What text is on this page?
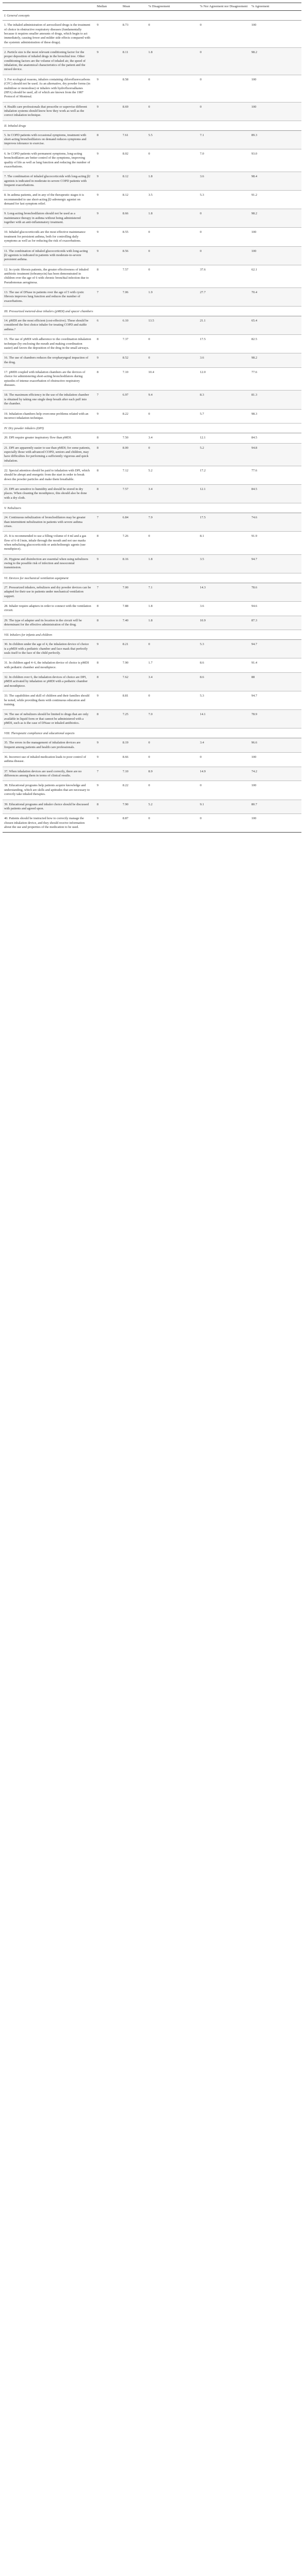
	Median	Mean	% Disagreement	% Nor Agreement nor Disagreement	% Agreement
I. General concepts					
1. The inhaled administration of aerosolized drugs is the treatment of choice in obstructive respiratory diseases (fundamentally because it requires smaller amounts of drugs, which begin to act immediately, causing fewer and milder side effects compared with the systemic administration of these drugs).	9	8.73	0	0	100
2. Particle size is the most relevant conditioning factor for the proper deposition of inhaled drugs in the bronchial tree. Other conditioning factors are the volume of inhaled air, the speed of inhalation, the anatomical characteristics of the patient and the mixed device.	9	8.11	1.8	0	98.2
3. For ecological reasons, inhalers containing chlorofluorocarbons (CFC) should not be used. As an alternative, dry powder forms (in multidose or monodose) or inhalers with hydrofluoroalkanes (HFA) should be used, all of which are known from the 1987 Protocol of Montreal.	9	8.58	0	0	100
4. Health care professionals that prescribe or supervise different inhalation systems should know how they work as well as the correct inhalation technique.	9	8.69	0	0	100
II. Inhaled drugs					
5. In COPD patients with occasional symptoms, treatment with short-acting bronchodilators on demand reduces symptoms and improves tolerance to exercise.	8	7.61	5.5	7.1	89.3
6. In COPD patients with permanent symptoms, long-acting bronchodilators are better control of the symptoms, improving quality of life as well as lung function and reducing the number of exacerbations.	9	8.02	0	7.0	93.0
7. The combination of inhaled glucocorticoids with long-acting β2 agonists is indicated in moderate-to-severe COPD patients with frequent exacerbations.	9	8.12	1.8	3.6	98.4
8. In asthma patients, and in any of the therapeutic stages it is recommended to use short-acting β2-adrenergic agonist on demand for fast symptom relief.	9	8.12	3.5	5.3	91.2
9. Long-acting bronchodilators should not be used as a maintenance therapy in asthma without being administered together with an anti-inflammatory treatment.	9	8.66	1.8	0	98.2
10. Inhaled glucocorticoids are the most effective maintenance treatment for persistent asthma, both for controlling daily symptoms as well as for reducing the risk of exacerbations.	9	8.55	0	0	100
11. The combination of inhaled glucocorticoids with long-acting β2 agonists is indicated in patients with moderate-to-severe persistent asthma.	9	8.56	0	0	100
12. In cystic fibrosis patients, the greater effectiveness of inhaled antibiotic treatment (tobramycin) has been demonstrated in children over the age of 6 with chronic bronchial infection due to Pseudomonas aeruginosa.	8	7.57	0	37.6	62.1
13. The use of DNase in patients over the age of 5 with cystic fibrosis improves lung function and reduces the number of exacerbations.	7	7.06	1.9	27.7	70.4
III. Pressurized metered-dose inhalers (pMDI) and spacer chambers					
14. pMDI are the most efficient (cost-effective). These should be considered the first choice inhaler for treating COPD and stable asthma.?	6	6.10	13.5	21.1	65.4
15. The use of pMDI with adherence to the coordination inhalation technique (by enclosing the mouth and making coordination easier) and favors the deposition of the drug in the small airways.	8	7.37	0	17.5	82.5
16. The use of chambers reduces the oropharyngeal impaction of the drug.	9	8.52	0	3.6	98.2
17. pMDI coupled with inhalation chambers are the devices of choice for administering short-acting bronchodilators during episodes of intense exacerbation of obstructive respiratory diseases.	8	7.10	10.4	12.0	77.6
18. The maximum efficiency in the use of the inhalation chamber is obtained by taking one single deep breath after each puff into the chamber.	7	6.97	9.4	8.3	81.3
19. Inhalation chambers help overcome problems related with an incorrect inhalation technique.	9	8.22	0	5.7	98.3
IV. Dry powder inhalers (DPI)					
20. DPI require greater inspiratory flow than pMDI.	8	7.50	3.4	12.1	84.5
21. DPI are apparently easier to use than pMDI; for some patients, especially those with advanced COPD, seniors and children, may have difficulties for performing a sufficiently vigorous and quick inhalation.	8	8.00	0	5.2	94.8
22. Special attention should be paid to inhalation with DPI, which should be abrupt and energetic from the start in order to break down the powder particles and make them breathable.	8	7.12	5.2	17.2	77.6
23. DPI are sensitive to humidity and should be stored in dry places. When cleaning the mouthpiece, this should also be done with a dry cloth.	8	7.57	3.4	12.1	84.5
V. Nebulizers					
24. Continuous nebulization of bronchodilators may be greater than intermittent nebulization in patients with severe asthma crises.	7	6.84	7.9	17.5	74.6
25. It is recommended to use a filling volume of 4 ml and a gas flow of 6–8 l/min, inhale through the mouth and not use masks when nebulizing glucocorticoids or anticholinergic agents (use mouthpiece).	8	7.26	0	8.1	91.9
26. Hygiene and disinfection are essential when using nebulizers owing to the possible risk of infection and nosocomial transmission.	9	8.16	1.8	3.5	94.7
VI. Devices for mechanical ventilation equipment					
27. Pressurized inhalers, nebulizers and dry powder devices can be adapted for their use in patients under mechanical ventilation support.	7	7.00	7.1	14.3	78.6
28. Inhaler require adapters in order to connect with the ventilation circuit.	8	7.88	1.8	3.6	94.6
29. The type of adapter and its location in the circuit will be determinant for the effective administration of the drug.	8	7.40	1.8	10.9	87.3
VII. Inhalers for infants and children					
30. In children under the age of 4, the inhalation device of choice is a pMDI with a pediatric chamber and face mask that perfectly seals itself to the face of the child perfectly.	9	8.21	0	5.3	94.7
31. In children aged 4–6, the inhalation device of choice is pMDI with pediatric chamber and mouthpiece.	8	7.90	1.7	8.6	91.4
32. In children over 6, the inhalation devices of choice are DPI, pMDI activated by inhalation or pMDI with a pediatric chamber and mouthpiece.	8	7.62	3.4	8.6	88
33. The capabilities and skill of children and their families should be noted, while providing them with continuous education and training.	9	8.81	0	5.3	94.7
34. The use of nebulizers should be limited to drugs that are only available in liquid form or that cannot be administered with a pMDI, such as is the case of DNase or inhaled antibiotics.	8	7.25	7.0	14.1	78.9
VIII. Therapeutic compliance and educational aspects					
35. The errors in the management of inhalation devices are frequent among patients and health care professionals.	9	8.19	0	3.4	96.6
36. Incorrect use of inhaled medication leads to poor control of asthma disease.	9	8.66	0	0	100
37. When inhalation devices are used correctly, there are no differences among them in terms of clinical results.	7	7.10	8.9	14.9	74.2
38. Educational programs help patients acquire knowledge and understanding, which are skills and aptitudes that are necessary to correctly take inhaled therapies.	9	8.22	0	0	100
39. Educational programs and inhaler choice should be discussed with patients and agreed upon.	8	7.90	5.2	9.1	80.7
40. Patients should be instructed how to correctly manage the chosen inhalation device, and they should receive information about the use and properties of the medication to be used.	9	8.87	0	0	100
